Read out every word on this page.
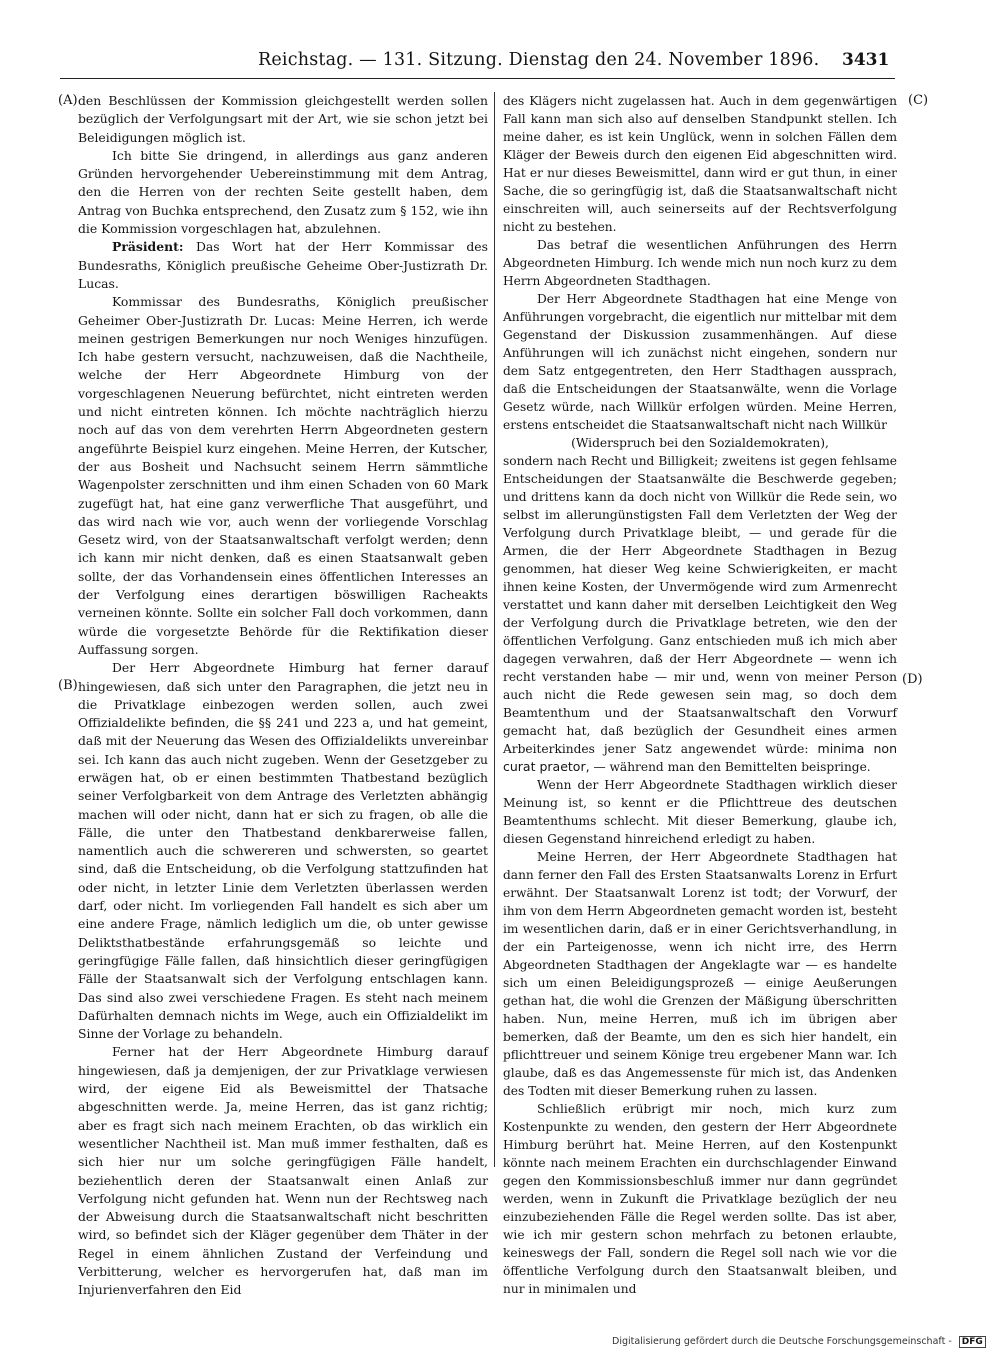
Reichstag. — 131. Sitzung. Dienstag den 24. November 1896. 3431
(A)
(B)
(C)
(D)

den Beschlüssen der Kommission gleichgestellt werden sollen bezüglich der Verfolgungsart mit der Art, wie sie schon jetzt bei Beleidigungen möglich ist.

Ich bitte Sie dringend, in allerdings aus ganz anderen Gründen hervorgehender Uebereinstimmung mit dem Antrag, den die Herren von der rechten Seite gestellt haben, dem Antrag von Buchka entsprechend, den Zusatz zum § 152, wie ihn die Kommission vorgeschlagen hat, abzulehnen.

Präsident: Das Wort hat der Herr Kommissar des Bundesraths, Königlich preußische Geheime Ober-Justizrath Dr. Lucas.

Kommissar des Bundesraths, Königlich preußischer Geheimer Ober-Justizrath Dr. Lucas: Meine Herren, ich werde meinen gestrigen Bemerkungen nur noch Weniges hinzufügen. Ich habe gestern versucht, nachzuweisen, daß die Nachtheile, welche der Herr Abgeordnete Himburg von der vorgeschlagenen Neuerung befürchtet, nicht eintreten werden und nicht eintreten können. Ich möchte nachträglich hierzu noch auf das von dem verehrten Herrn Abgeordneten gestern angeführte Beispiel kurz eingehen. Meine Herren, der Kutscher, der aus Bosheit und Nachsucht seinem Herrn sämmtliche Wagenpolster zerschnitten und ihm einen Schaden von 60 Mark zugefügt hat, hat eine ganz verwerfliche That ausgeführt, und das wird nach wie vor, auch wenn der vorliegende Vorschlag Gesetz wird, von der Staatsanwaltschaft verfolgt werden; denn ich kann mir nicht denken, daß es einen Staatsanwalt geben sollte, der das Vorhandensein eines öffentlichen Interesses an der Verfolgung eines derartigen böswilligen Racheakts verneinen könnte. Sollte ein solcher Fall doch vorkommen, dann würde die vorgesetzte Behörde für die Rektifikation dieser Auffassung sorgen.

Der Herr Abgeordnete Himburg hat ferner darauf hingewiesen, daß sich unter den Paragraphen, die jetzt neu in die Privatklage einbezogen werden sollen, auch zwei Offizialdelikte befinden, die §§ 241 und 223 a, und hat gemeint, daß mit der Neuerung das Wesen des Offizialdelikts unvereinbar sei. Ich kann das auch nicht zugeben. Wenn der Gesetzgeber zu erwägen hat, ob er einen bestimmten Thatbestand bezüglich seiner Verfolgbarkeit von dem Antrage des Verletzten abhängig machen will oder nicht, dann hat er sich zu fragen, ob alle die Fälle, die unter den Thatbestand denkbarerweise fallen, namentlich auch die schwereren und schwersten, so geartet sind, daß die Entscheidung, ob die Verfolgung stattzufinden hat oder nicht, in letzter Linie dem Verletzten überlassen werden darf, oder nicht. Im vorliegenden Fall handelt es sich aber um eine andere Frage, nämlich lediglich um die, ob unter gewisse Deliktsthatbestände erfahrungsgemäß so leichte und geringfügige Fälle fallen, daß hinsichtlich dieser geringfügigen Fälle der Staatsanwalt sich der Verfolgung entschlagen kann. Das sind also zwei verschiedene Fragen. Es steht nach meinem Dafürhalten demnach nichts im Wege, auch ein Offizialdelikt im Sinne der Vorlage zu behandeln.

Ferner hat der Herr Abgeordnete Himburg darauf hingewiesen, daß ja demjenigen, der zur Privatklage verwiesen wird, der eigene Eid als Beweismittel der Thatsache abgeschnitten werde. Ja, meine Herren, das ist ganz richtig; aber es fragt sich nach meinem Erachten, ob das wirklich ein wesentlicher Nachtheil ist. Man muß immer festhalten, daß es sich hier nur um solche geringfügigen Fälle handelt, beziehentlich deren der Staatsanwalt einen Anlaß zur Verfolgung nicht gefunden hat. Wenn nun der Rechtsweg nach der Abweisung durch die Staatsanwaltschaft nicht beschritten wird, so befindet sich der Kläger gegenüber dem Thäter in der Regel in einem ähnlichen Zustand der Verfeindung und Verbitterung, welcher es hervorgerufen hat, daß man im Injurienverfahren den Eid

des Klägers nicht zugelassen hat. Auch in dem gegenwärtigen Fall kann man sich also auf denselben Standpunkt stellen. Ich meine daher, es ist kein Unglück, wenn in solchen Fällen dem Kläger der Beweis durch den eigenen Eid abgeschnitten wird. Hat er nur dieses Beweismittel, dann wird er gut thun, in einer Sache, die so geringfügig ist, daß die Staatsanwaltschaft nicht einschreiten will, auch seinerseits auf der Rechtsverfolgung nicht zu bestehen.

Das betraf die wesentlichen Anführungen des Herrn Abgeordneten Himburg. Ich wende mich nun noch kurz zu dem Herrn Abgeordneten Stadthagen.

Der Herr Abgeordnete Stadthagen hat eine Menge von Anführungen vorgebracht, die eigentlich nur mittelbar mit dem Gegenstand der Diskussion zusammenhängen. Auf diese Anführungen will ich zunächst nicht eingehen, sondern nur dem Satz entgegentreten, den Herr Stadthagen aussprach, daß die Entscheidungen der Staatsanwälte, wenn die Vorlage Gesetz würde, nach Willkür erfolgen würden. Meine Herren, erstens entscheidet die Staatsanwaltschaft nicht nach Willkür

(Widerspruch bei den Sozialdemokraten),

sondern nach Recht und Billigkeit; zweitens ist gegen fehlsame Entscheidungen der Staatsanwälte die Beschwerde gegeben; und drittens kann da doch nicht von Willkür die Rede sein, wo selbst im allerungünstigsten Fall dem Verletzten der Weg der Verfolgung durch Privatklage bleibt, — und gerade für die Armen, die der Herr Abgeordnete Stadthagen in Bezug genommen, hat dieser Weg keine Schwierigkeiten, er macht ihnen keine Kosten, der Unvermögende wird zum Armenrecht verstattet und kann daher mit derselben Leichtigkeit den Weg der Verfolgung durch die Privatklage betreten, wie den der öffentlichen Verfolgung. Ganz entschieden muß ich mich aber dagegen verwahren, daß der Herr Abgeordnete — wenn ich recht verstanden habe — mir und, wenn von meiner Person auch nicht die Rede gewesen sein mag, so doch dem Beamtenthum und der Staatsanwaltschaft den Vorwurf gemacht hat, daß bezüglich der Gesundheit eines armen Arbeiterkindes jener Satz angewendet würde: minima non curat praetor, — während man den Bemittelten beispringe.

Wenn der Herr Abgeordnete Stadthagen wirklich dieser Meinung ist, so kennt er die Pflichttreue des deutschen Beamtenthums schlecht. Mit dieser Bemerkung, glaube ich, diesen Gegenstand hinreichend erledigt zu haben.

Meine Herren, der Herr Abgeordnete Stadthagen hat dann ferner den Fall des Ersten Staatsanwalts Lorenz in Erfurt erwähnt. Der Staatsanwalt Lorenz ist todt; der Vorwurf, der ihm von dem Herrn Abgeordneten gemacht worden ist, besteht im wesentlichen darin, daß er in einer Gerichtsverhandlung, in der ein Parteigenosse, wenn ich nicht irre, des Herrn Abgeordneten Stadthagen der Angeklagte war — es handelte sich um einen Beleidigungsprozeß — einige Aeußerungen gethan hat, die wohl die Grenzen der Mäßigung überschritten haben. Nun, meine Herren, muß ich im übrigen aber bemerken, daß der Beamte, um den es sich hier handelt, ein pflichttreuer und seinem Könige treu ergebener Mann war. Ich glaube, daß es das Angemessenste für mich ist, das Andenken des Todten mit dieser Bemerkung ruhen zu lassen.

Schließlich erübrigt mir noch, mich kurz zum Kostenpunkte zu wenden, den gestern der Herr Abgeordnete Himburg berührt hat. Meine Herren, auf den Kostenpunkt könnte nach meinem Erachten ein durchschlagender Einwand gegen den Kommissionsbeschluß immer nur dann gegründet werden, wenn in Zukunft die Privatklage bezüglich der neu einzubeziehenden Fälle die Regel werden sollte. Das ist aber, wie ich mir gestern schon mehrfach zu betonen erlaubte, keineswegs der Fall, sondern die Regel soll nach wie vor die öffentliche Verfolgung durch den Staatsanwalt bleiben, und nur in minimalen und

Digitalisierung gefördert durch die Deutsche Forschungsgemeinschaft - DFG
